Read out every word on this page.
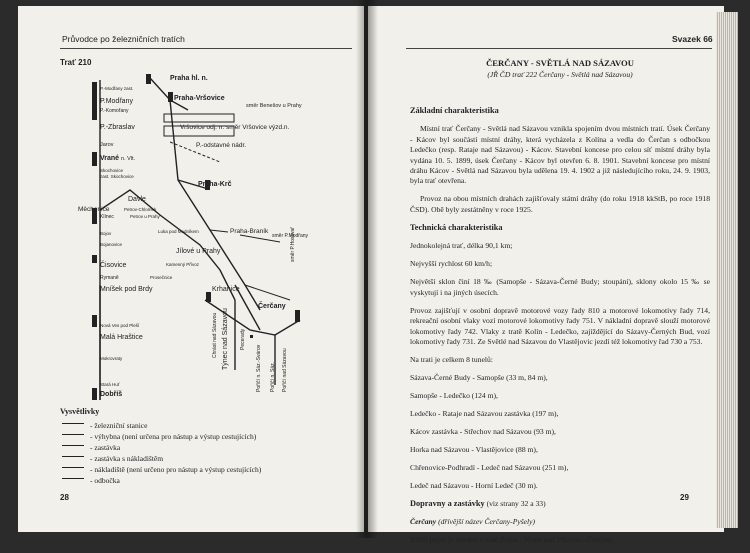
Průvodce po železničních tratích
Trať 210
Praha hl. n.
Praha-Vršovice
směr Benešov u Prahy
Vršovice odj. n. směr Vršovice výzd.n.
P.-odstavné nádr.
P.-Modřany zast.
P.Modřany
P.-Komořany
P.-Zbraslav
Jarov
Vrané n. Vlt.
Skochovice
zast. Skochovice
Davle
Měchenice	Petrov-Chlomek
Klínec	Petrov u Prahy
Luka pod Medníkem
Bojov
Bojanovice
Jílové u Prahy
Kamenný Přívoz
Čisovice
Rymaně	Prosečnice
Mníšek pod Brdy
Praha-Krč
Praha-Braník
směr P.Modřany
směr P.Hostivař
Krhanice
Čerčany
Nová Ves pod Pleší
Malá Hraštice
Mokrovraty
Stará Huť
Dobříš
Chrást nad Sázavou Týnec nad Sázavou Pecerady
Poříčí n. Sáz.-Svárov Poříčí n. Sáz. Poříčí nad Sázavou
Vysvětlivky
- železniční stanice
- výhybna (není určena pro nástup a výstup cestujících)
- zastávka
- zastávka s nákladištěm
- nákladiště (není určeno pro nástup a výstup cestujících)
- odbočka
28
Svazek 66
ČERČANY - SVĚTLÁ NAD SÁZAVOU
(JŘ ČD trať 222 Čerčany - Světlá nad Sázavou)

Základní charakteristika

Místní trať Čerčany - Světlá nad Sázavou vznikla spojením dvou místních tratí. Úsek Čerčany - Kácov byl součástí místní dráhy, která vycházela z Kolína a vedla do Čerčan s odbočkou Ledečko (resp. Rataje nad Sázavou) - Kácov. Stavební koncese pro celou síť místní dráhy byla vydána 10. 5. 1899, úsek Čerčany - Kácov byl otevřen 6. 8. 1901. Stavební koncese pro místní dráhu Kácov - Světlá nad Sázavou byla udělena 19. 4. 1902 a již následujícího roku, 24. 9. 1903, byla trať otevřena.

Provoz na obou místních drahách zajišťovaly státní dráhy (do roku 1918 kkStB, po roce 1918 ČSD). Obě byly zestátněny v roce 1925.

Technická charakteristika

Jednokolejná trať, délka 90,1 km;

Nejvyšší rychlost 60 km/h;

Největší sklon činí 18 ‰ (Samopše - Sázava-Černé Budy; stoupání), sklony okolo 15 ‰ se vyskytují i na jiných úsecích.

Provoz zajišťují v osobní dopravě motorové vozy řady 810 a motorové lokomotivy řady 714, rekreační osobní vlaky vozí motorové lokomotivy řady 751. V nákladní dopravě slouží motorové lokomotivy řady 742. Vlaky z tratě Kolín - Ledečko, zajíždějící do Sázavy-Černých Bud, vozí lokomotivy řady 731. Ze Světlé nad Sázavou do Vlastějovic jezdí též lokomotivy řad 730 a 753.

Na trati je celkem 8 tunelů:

Sázava-Černé Budy - Samopše (33 m, 84 m),

Samopše - Ledečko (124 m),

Ledečko - Rataje nad Sázavou zastávka (197 m),

Kácov zastávka - Střechov nad Sázavou (93 m),

Horka nad Sázavou - Vlastějovice (88 m),

Chřenovice-Podhradí - Ledeč nad Sázavou (251 m),

Ledeč nad Sázavou - Horní Ledeč (30 m).

Dopravny a zastávky (viz strany 32 a 33)

Čerčany (dřívější název Čerčany-Pyšely)

Bližší popis je uveden u tratě Praha - Vrané nad Vltavou - Čerčany.

29
